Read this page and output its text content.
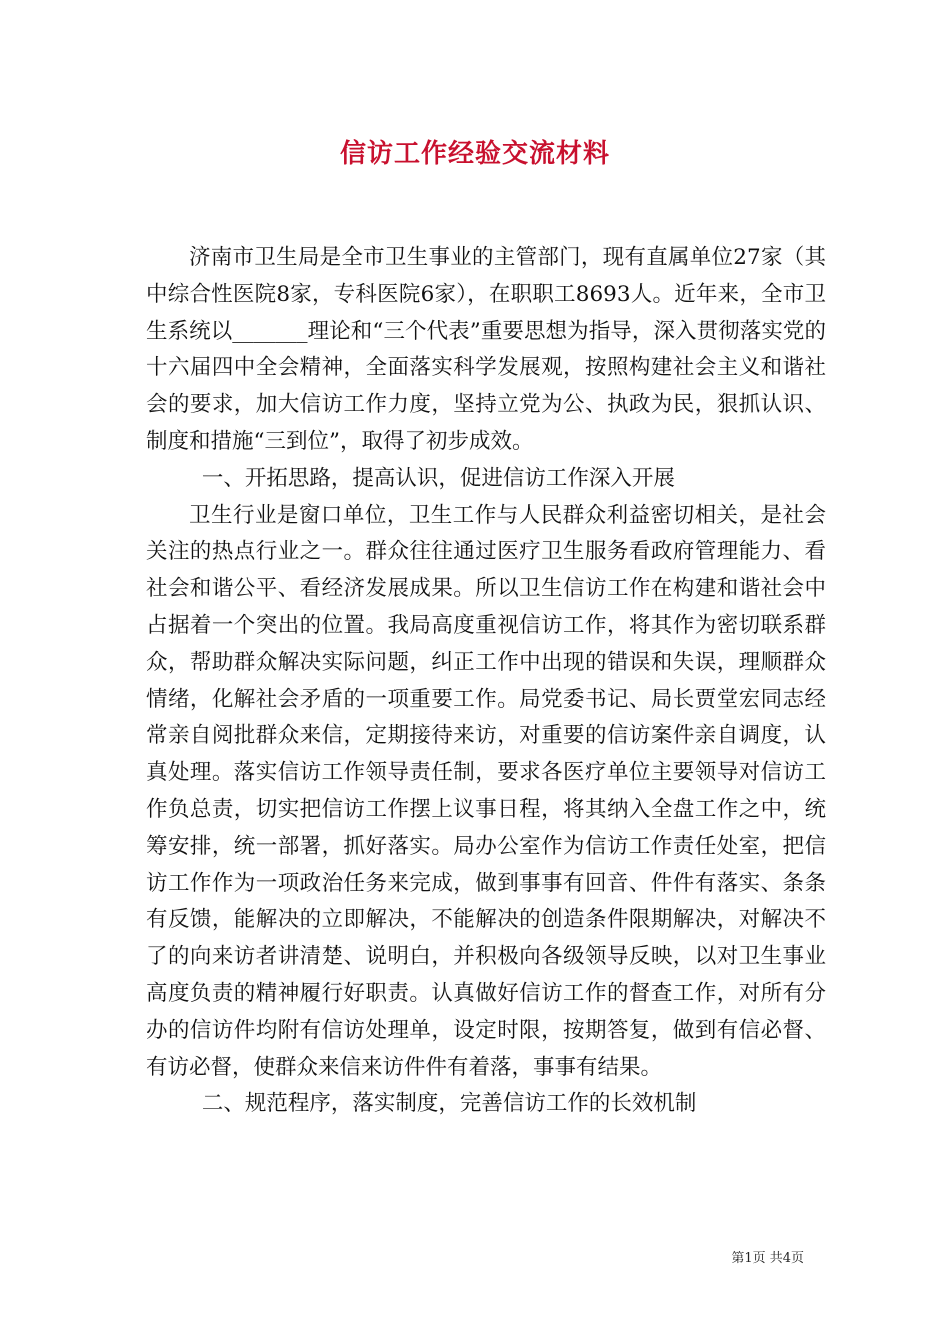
信访工作经验交流材料

济南市卫生局是全市卫生事业的主管部门，现有直属单位27家（其中综合性医院8家，专科医院6家），在职职工8693人。近年来，全市卫生系统以_______理论和“三个代表”重要思想为指导，深入贯彻落实党的十六届四中全会精神，全面落实科学发展观，按照构建社会主义和谐社会的要求，加大信访工作力度，坚持立党为公、执政为民，狠抓认识、制度和措施“三到位”，取得了初步成效。

一、开拓思路，提高认识，促进信访工作深入开展

卫生行业是窗口单位，卫生工作与人民群众利益密切相关，是社会关注的热点行业之一。群众往往通过医疗卫生服务看政府管理能力、看社会和谐公平、看经济发展成果。所以卫生信访工作在构建和谐社会中占据着一个突出的位置。我局高度重视信访工作，将其作为密切联系群众，帮助群众解决实际问题，纠正工作中出现的错误和失误，理顺群众情绪，化解社会矛盾的一项重要工作。局党委书记、局长贾堂宏同志经常亲自阅批群众来信，定期接待来访，对重要的信访案件亲自调度，认真处理。落实信访工作领导责任制，要求各医疗单位主要领导对信访工作负总责，切实把信访工作摆上议事日程，将其纳入全盘工作之中，统筹安排，统一部署，抓好落实。局办公室作为信访工作责任处室，把信访工作作为一项政治任务来完成，做到事事有回音、件件有落实、条条有反馈，能解决的立即解决，不能解决的创造条件限期解决，对解决不了的向来访者讲清楚、说明白，并积极向各级领导反映，以对卫生事业高度负责的精神履行好职责。认真做好信访工作的督查工作，对所有分办的信访件均附有信访处理单，设定时限，按期答复，做到有信必督、有访必督，使群众来信来访件件有着落，事事有结果。

二、规范程序，落实制度，完善信访工作的长效机制

第1页 共4页
